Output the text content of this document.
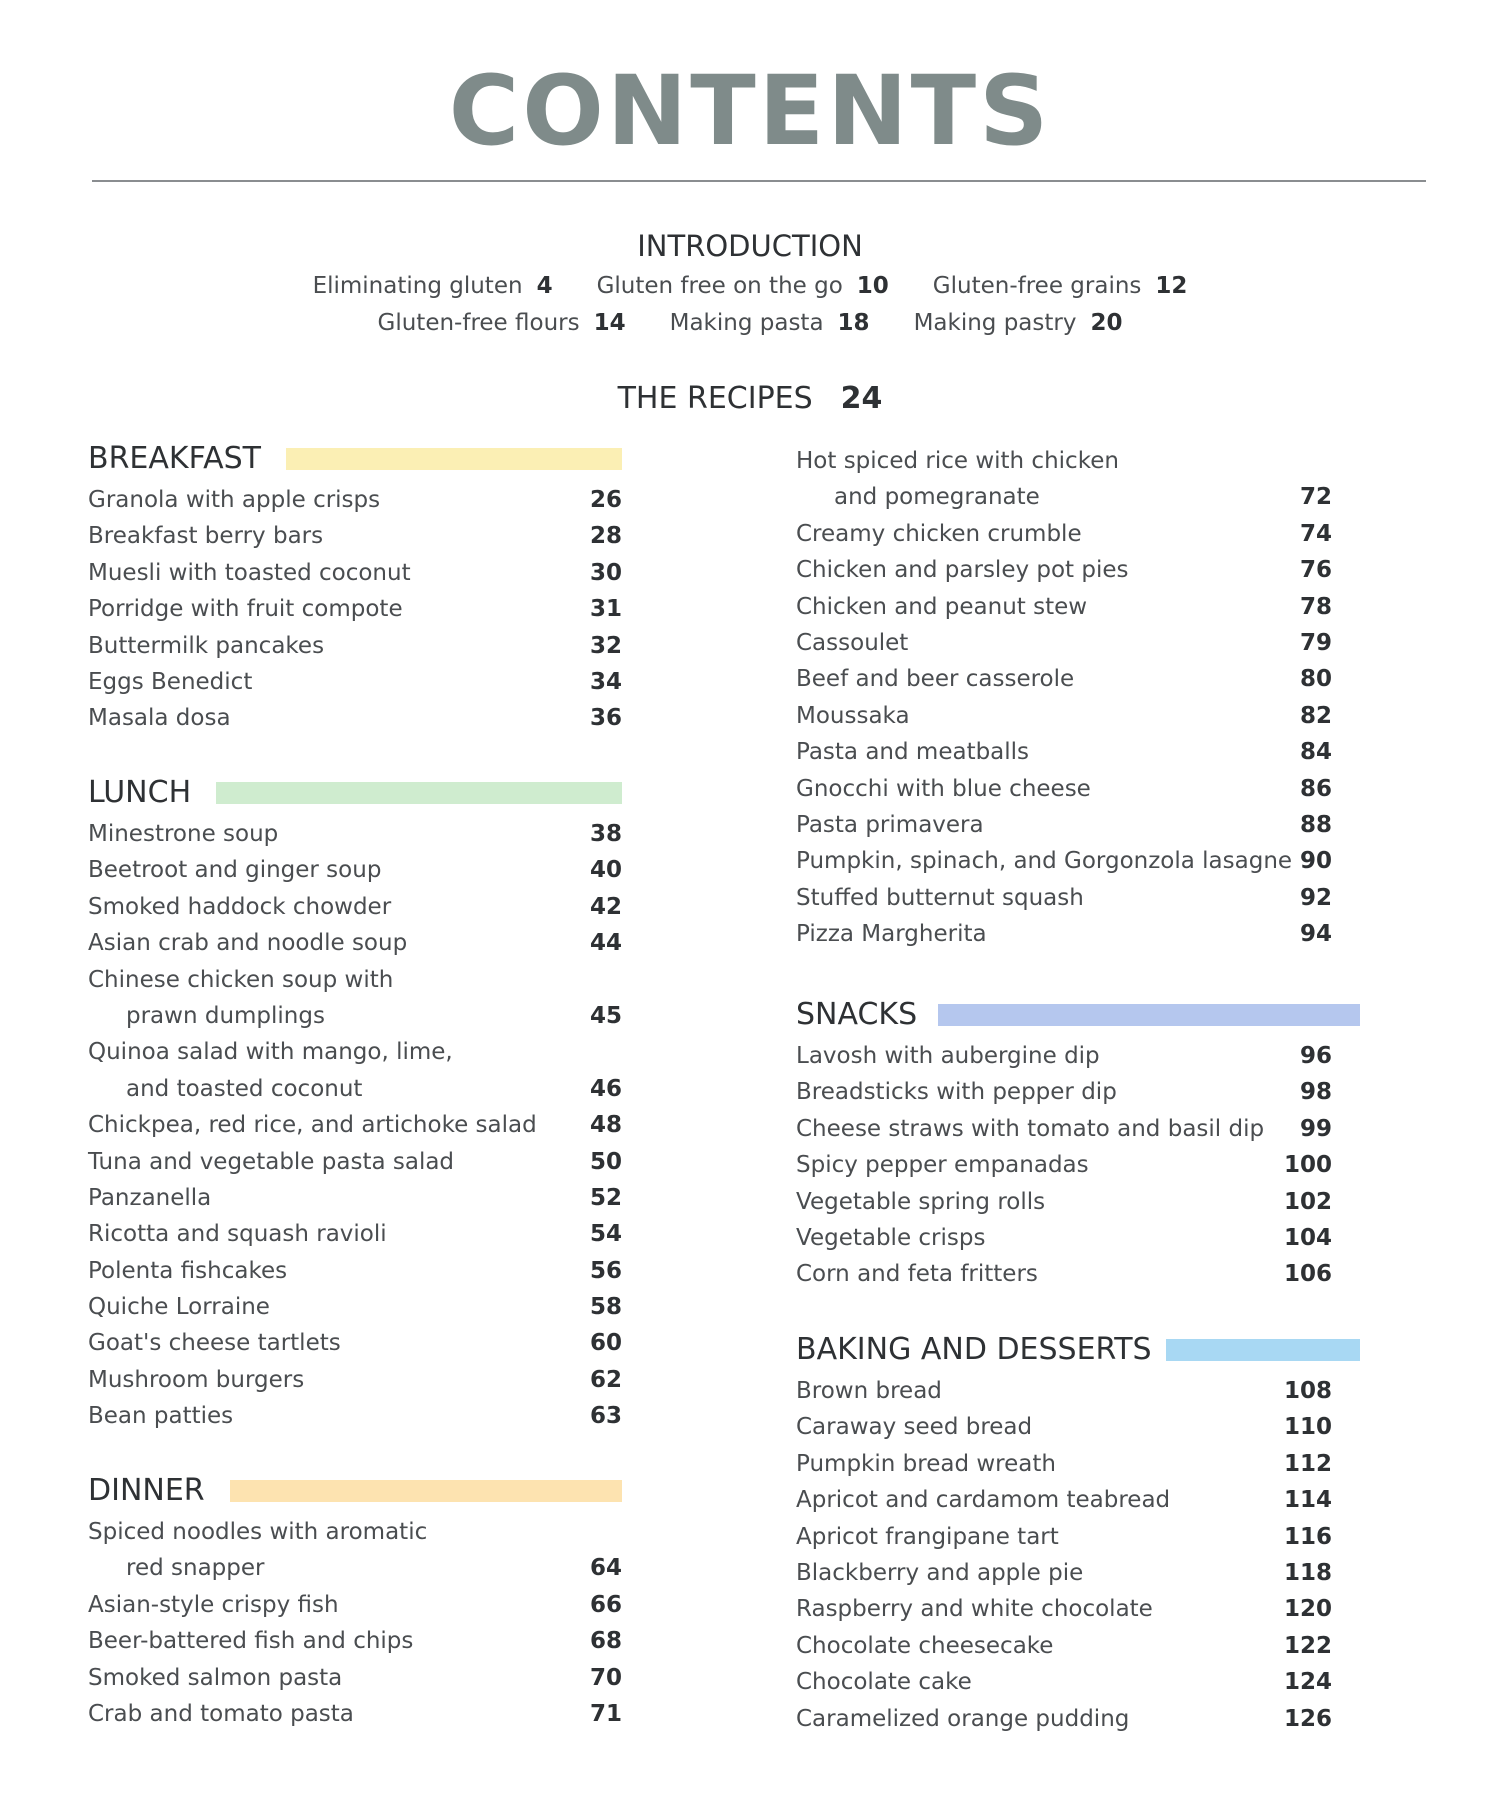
CONTENTS
INTRODUCTION
Eliminating gluten 4 Gluten free on the go 10 Gluten-free grains 12
Gluten-free flours 14 Making pasta 18 Making pastry 20
THE RECIPES 24
BREAKFAST
Granola with apple crisps	26
Breakfast berry bars	28
Muesli with toasted coconut	30
Porridge with fruit compote	31
Buttermilk pancakes	32
Eggs Benedict	34
Masala dosa	36
LUNCH
Minestrone soup	38
Beetroot and ginger soup	40
Smoked haddock chowder	42
Asian crab and noodle soup	44
Chinese chicken soup with
prawn dumplings	45
Quinoa salad with mango, lime,
and toasted coconut	46
Chickpea, red rice, and artichoke salad 48
Tuna and vegetable pasta salad	50
Panzanella	52
Ricotta and squash ravioli	54
Polenta fishcakes	56
Quiche Lorraine	58
Goat's cheese tartlets	60
Mushroom burgers	62
Bean patties	63
DINNER
Spiced noodles with aromatic
red snapper	64
Asian-style crispy fish	66
Beer-battered fish and chips	68
Smoked salmon pasta	70
Crab and tomato pasta	71
Hot spiced rice with chicken
and pomegranate	72
Creamy chicken crumble	74
Chicken and parsley pot pies	76
Chicken and peanut stew	78
Cassoulet	79
Beef and beer casserole	80
Moussaka	82
Pasta and meatballs	84
Gnocchi with blue cheese	86
Pasta primavera	88
Pumpkin, spinach, and Gorgonzola lasagne 90
Stuffed butternut squash	92
Pizza Margherita	94
SNACKS
Lavosh with aubergine dip	96
Breadsticks with pepper dip	98
Cheese straws with tomato and basil dip 99
Spicy pepper empanadas	100
Vegetable spring rolls	102
Vegetable crisps	104
Corn and feta fritters	106
BAKING AND DESSERTS
Brown bread	108
Caraway seed bread	110
Pumpkin bread wreath	112
Apricot and cardamom teabread	114
Apricot frangipane tart	116
Blackberry and apple pie	118
Raspberry and white chocolate	120
Chocolate cheesecake	122
Chocolate cake	124
Caramelized orange pudding	126
